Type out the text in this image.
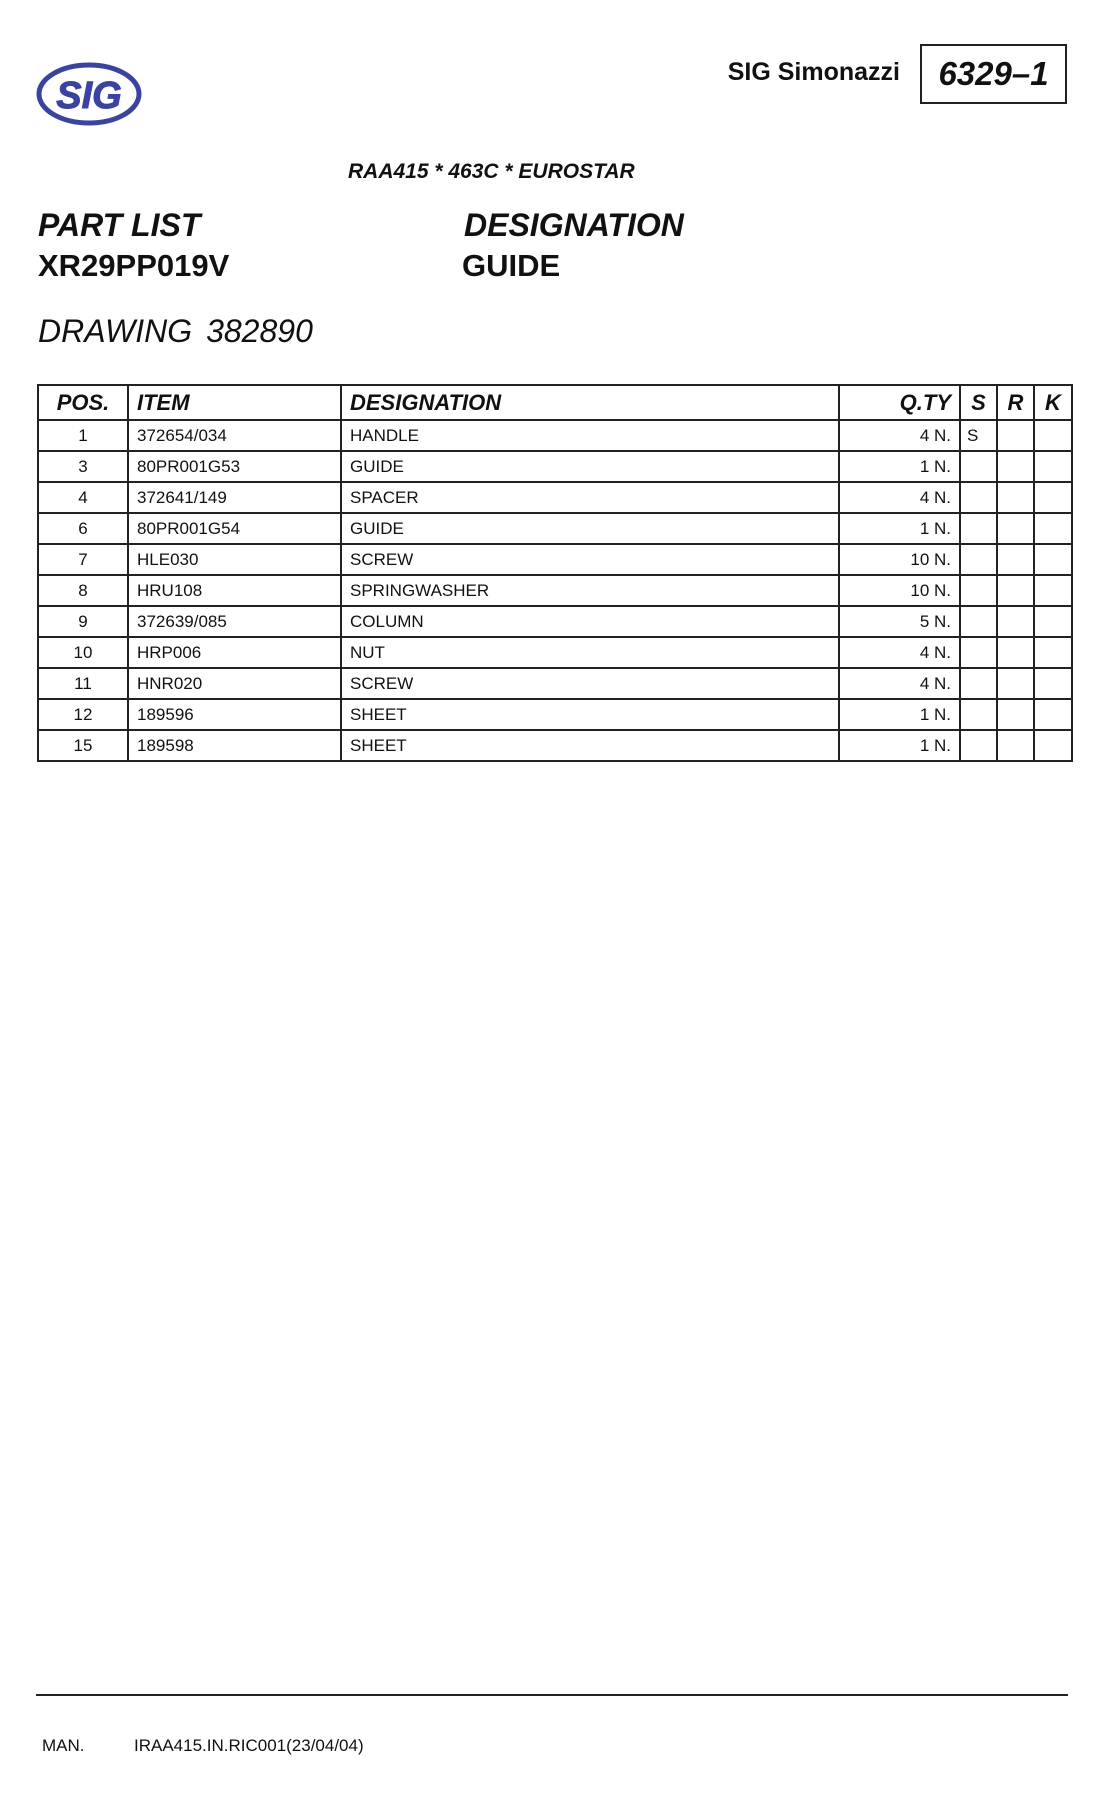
SIG
SIG Simonazzi	6329–1
RAA415 * 463C * EUROSTAR
PART LIST
XR29PP019V
DESIGNATION
GUIDE
DRAWING 382890
POS.	ITEM	DESIGNATION	Q.TY	S	R	K
1	372654/034	HANDLE	4 N.	S		
3	80PR001G53	GUIDE	1 N.			
4	372641/149	SPACER	4 N.			
6	80PR001G54	GUIDE	1 N.			
7	HLE030	SCREW	10 N.			
8	HRU108	SPRINGWASHER	10 N.			
9	372639/085	COLUMN	5 N.			
10	HRP006	NUT	4 N.			
11	HNR020	SCREW	4 N.			
12	189596	SHEET	1 N.			
15	189598	SHEET	1 N.			
MAN.	IRAA415.IN.RIC001(23/04/04)
